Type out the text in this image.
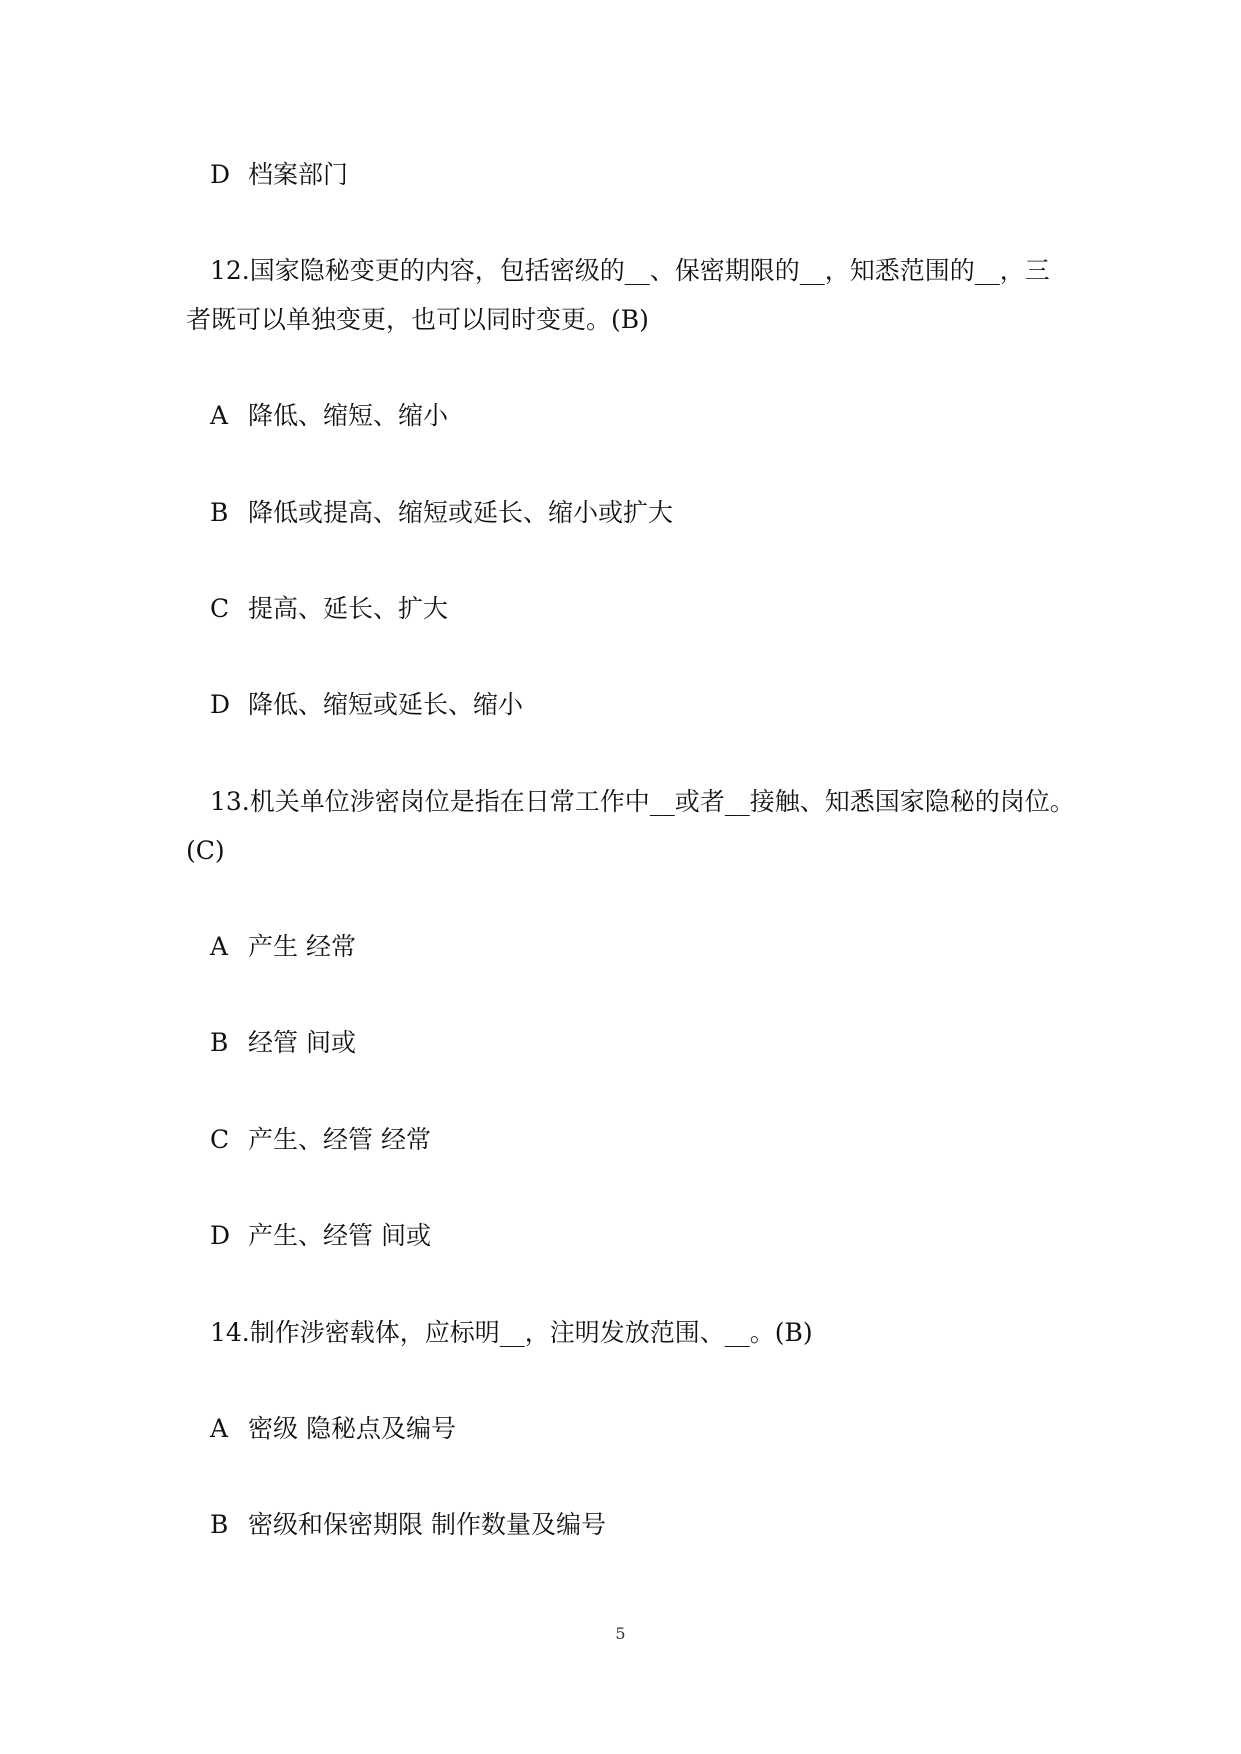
D 档案部门
12.国家隐秘变更的内容，包括密级的__、保密期限的__，知悉范围的__，三
者既可以单独变更，也可以同时变更。(B)
A 降低、缩短、缩小
B 降低或提高、缩短或延长、缩小或扩大
C 提高、延长、扩大
D 降低、缩短或延长、缩小
13.机关单位涉密岗位是指在日常工作中__或者__接触、知悉国家隐秘的岗位。
(C)
A 产生 经常
B 经管 间或
C 产生、经管 经常
D 产生、经管 间或
14.制作涉密载体，应标明__，注明发放范围、__。(B)
A 密级 隐秘点及编号
B 密级和保密期限 制作数量及编号
5
